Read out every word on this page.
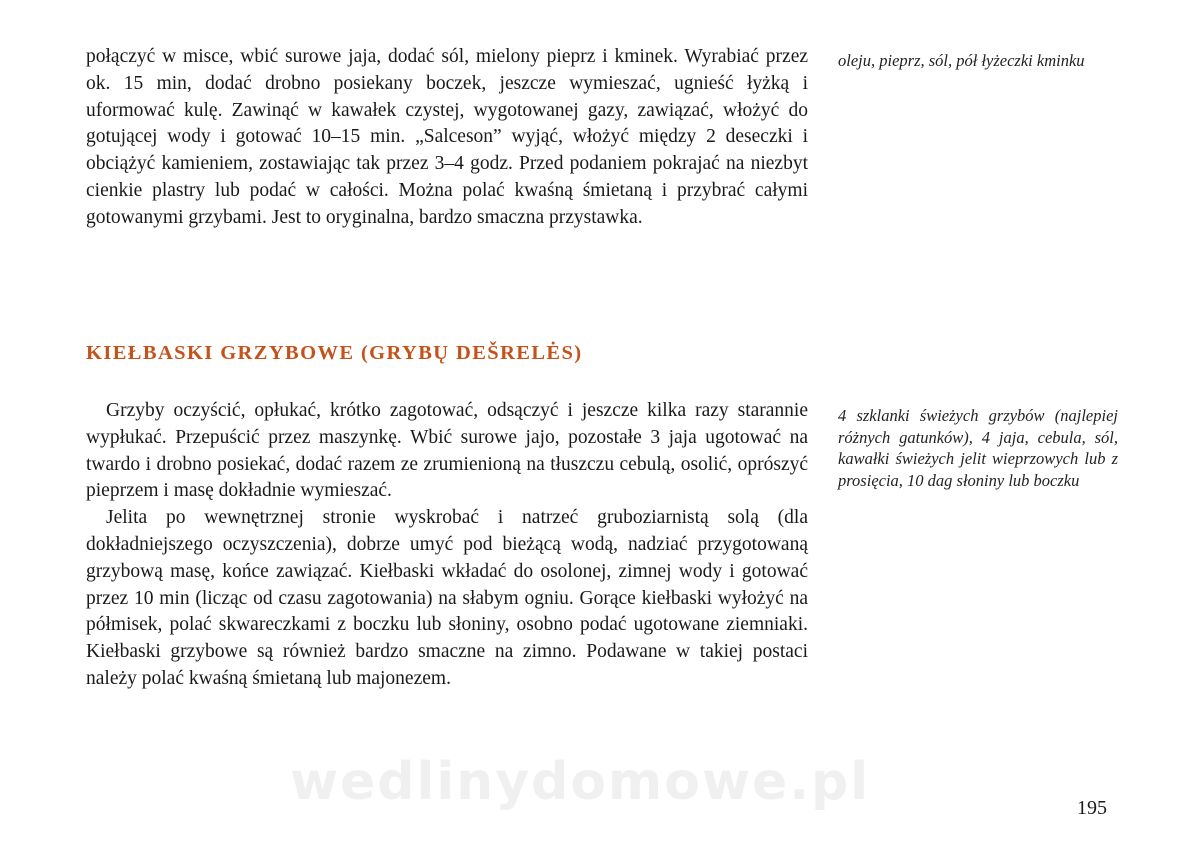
połączyć w misce, wbić surowe jaja, dodać sól, mielony pieprz i kminek. Wyrabiać przez ok. 15 min, dodać drobno posiekany boczek, jeszcze wymieszać, ugnieść łyżką i uformować kulę. Zawinąć w kawałek czystej, wygotowanej gazy, zawiązać, włożyć do gotującej wody i gotować 10–15 min. „Salceson” wyjąć, włożyć między 2 deseczki i obciążyć kamieniem, zostawiając tak przez 3–4 godz. Przed podaniem pokrajać na niezbyt cienkie plastry lub podać w całości. Można polać kwaśną śmietaną i przybrać całymi gotowanymi grzybami. Jest to oryginalna, bardzo smaczna przystawka.

oleju, pieprz, sól, pół łyżeczki kminku
KIEŁBASKI GRZYBOWE (GRYBŲ DEŠRELĖS)

Grzyby oczyścić, opłukać, krótko zagotować, odsączyć i jeszcze kilka razy starannie wypłukać. Przepuścić przez maszynkę. Wbić surowe jajo, pozostałe 3 jaja ugotować na twardo i drobno posiekać, dodać razem ze zrumienioną na tłuszczu cebulą, osolić, oprószyć pieprzem i masę dokładnie wymieszać.

Jelita po wewnętrznej stronie wyskrobać i natrzeć gruboziarnistą solą (dla dokładniejszego oczyszczenia), dobrze umyć pod bieżącą wodą, nadziać przygotowaną grzybową masę, końce zawiązać. Kiełbaski wkładać do osolonej, zimnej wody i gotować przez 10 min (licząc od czasu zagotowania) na słabym ogniu. Gorące kiełbaski wyłożyć na półmisek, polać skwareczkami z boczku lub słoniny, osobno podać ugotowane ziemniaki. Kiełbaski grzybowe są również bardzo smaczne na zimno. Podawane w takiej postaci należy polać kwaśną śmietaną lub majonezem.

4 szklanki świeżych grzybów (najlepiej różnych gatunków), 4 jaja, cebula, sól, kawałki świeżych jelit wieprzowych lub z prosięcia, 10 dag słoniny lub boczku
wedlinydomowe.pl	195
